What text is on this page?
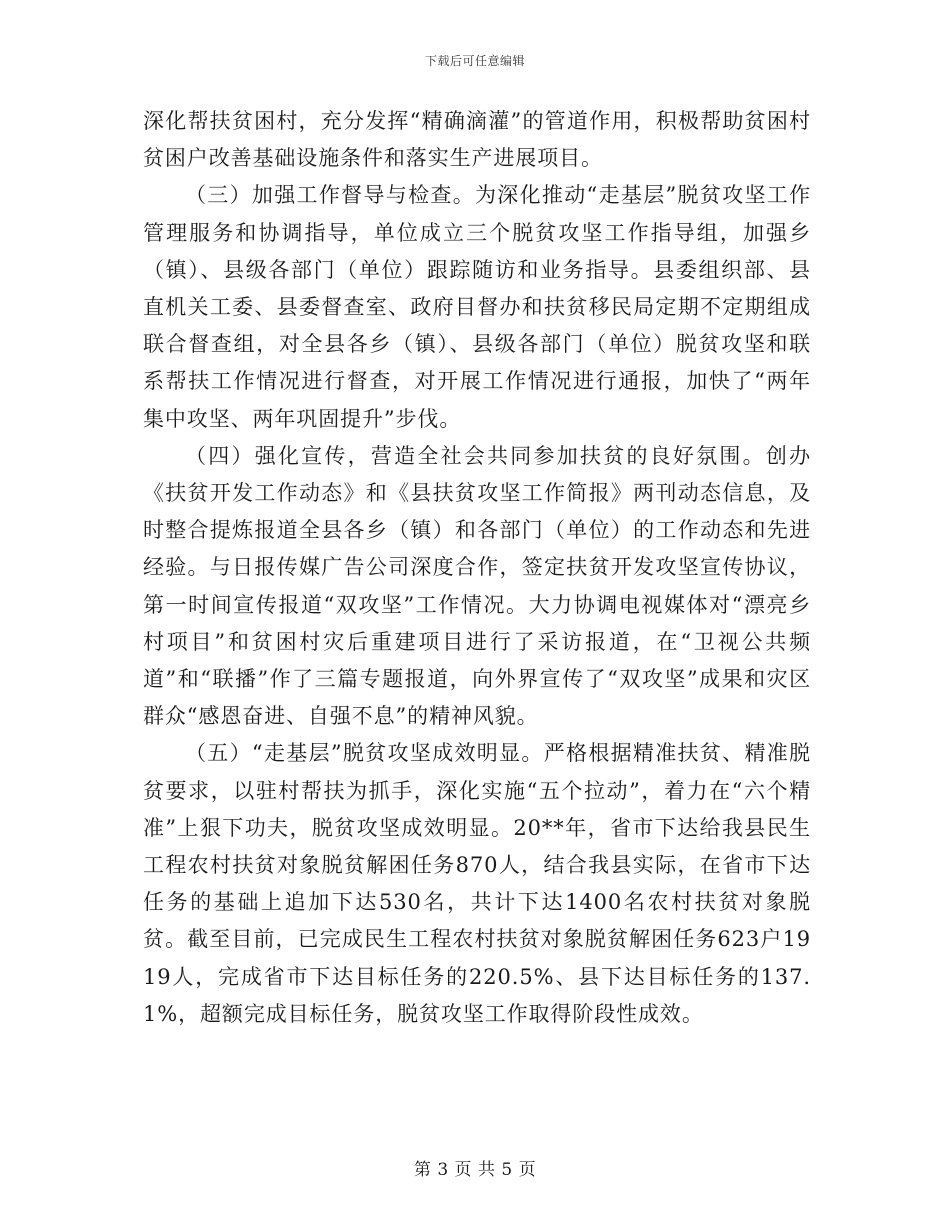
下载后可任意编辑

深化帮扶贫困村，充分发挥“精确滴灌”的管道作用，积极帮助贫困村贫困户改善基础设施条件和落实生产进展项目。

（三）加强工作督导与检查。为深化推动“走基层”脱贫攻坚工作管理服务和协调指导，单位成立三个脱贫攻坚工作指导组，加强乡（镇）、县级各部门（单位）跟踪随访和业务指导。县委组织部、县直机关工委、县委督查室、政府目督办和扶贫移民局定期不定期组成联合督查组，对全县各乡（镇）、县级各部门（单位）脱贫攻坚和联系帮扶工作情况进行督查，对开展工作情况进行通报，加快了“两年集中攻坚、两年巩固提升”步伐。

（四）强化宣传，营造全社会共同参加扶贫的良好氛围。创办《扶贫开发工作动态》和《县扶贫攻坚工作简报》两刊动态信息，及时整合提炼报道全县各乡（镇）和各部门（单位）的工作动态和先进经验。与日报传媒广告公司深度合作，签定扶贫开发攻坚宣传协议，第一时间宣传报道“双攻坚”工作情况。大力协调电视媒体对“漂亮乡村项目”和贫困村灾后重建项目进行了采访报道，在“卫视公共频道”和“联播”作了三篇专题报道，向外界宣传了“双攻坚”成果和灾区群众“感恩奋进、自强不息”的精神风貌。

（五）“走基层”脱贫攻坚成效明显。严格根据精准扶贫、精准脱贫要求，以驻村帮扶为抓手，深化实施“五个拉动”，着力在“六个精准”上狠下功夫，脱贫攻坚成效明显。20**年，省市下达给我县民生工程农村扶贫对象脱贫解困任务870人，结合我县实际，在省市下达任务的基础上追加下达530名，共计下达1400名农村扶贫对象脱贫。截至目前，已完成民生工程农村扶贫对象脱贫解困任务623户1919人，完成省市下达目标任务的220.5%、县下达目标任务的137.1%，超额完成目标任务，脱贫攻坚工作取得阶段性成效。

第 3 页 共 5 页
